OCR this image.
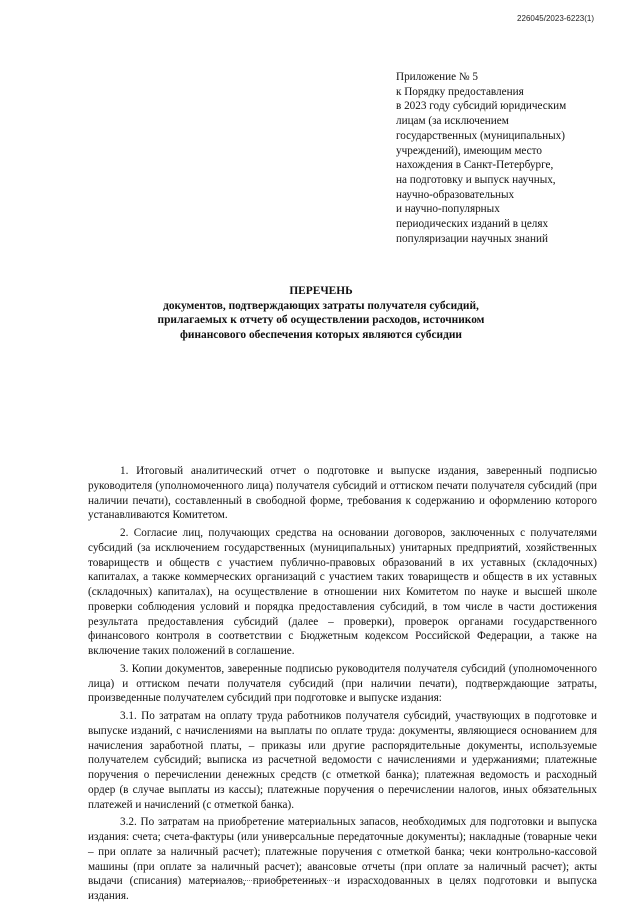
226045/2023-6223(1)
Приложение № 5
к Порядку предоставления
в 2023 году субсидий юридическим
лицам (за исключением
государственных (муниципальных)
учреждений), имеющим место
нахождения в Санкт-Петербурге,
на подготовку и выпуск научных,
научно-образовательных
и научно-популярных
периодических изданий в целях
популяризации научных знаний
ПЕРЕЧЕНЬ
документов, подтверждающих затраты получателя субсидий,
прилагаемых к отчету об осуществлении расходов, источником
финансового обеспечения которых являются субсидии

1. Итоговый аналитический отчет о подготовке и выпуске издания, заверенный подписью руководителя (уполномоченного лица) получателя субсидий и оттиском печати получателя субсидий (при наличии печати), составленный в свободной форме, требования к содержанию и оформлению которого устанавливаются Комитетом.

2. Согласие лиц, получающих средства на основании договоров, заключенных с получателями субсидий (за исключением государственных (муниципальных) унитарных предприятий, хозяйственных товариществ и обществ с участием публично-правовых образований в их уставных (складочных) капиталах, а также коммерческих организаций с участием таких товариществ и обществ в их уставных (складочных) капиталах), на осуществление в отношении них Комитетом по науке и высшей школе проверки соблюдения условий и порядка предоставления субсидий, в том числе в части достижения результата предоставления субсидий (далее – проверки), проверок органами государственного финансового контроля в соответствии с Бюджетным кодексом Российской Федерации, а также на включение таких положений в соглашение.

3. Копии документов, заверенные подписью руководителя получателя субсидий (уполномоченного лица) и оттиском печати получателя субсидий (при наличии печати), подтверждающие затраты, произведенные получателем субсидий при подготовке и выпуске издания:

3.1. По затратам на оплату труда работников получателя субсидий, участвующих в подготовке и выпуске изданий, с начислениями на выплаты по оплате труда: документы, являющиеся основанием для начисления заработной платы, – приказы или другие распорядительные документы, используемые получателем субсидий; выписка из расчетной ведомости с начислениями и удержаниями; платежные поручения о перечислении денежных средств (с отметкой банка); платежная ведомость и расходный ордер (в случае выплаты из кассы); платежные поручения о перечислении налогов, иных обязательных платежей и начислений (с отметкой банка).

3.2. По затратам на приобретение материальных запасов, необходимых для подготовки и выпуска издания: счета; счета-фактуры (или универсальные передаточные документы); накладные (товарные чеки – при оплате за наличный расчет); платежные поручения с отметкой банка; чеки контрольно-кассовой машины (при оплате за наличный расчет); авансовые отчеты (при оплате за наличный расчет); акты выдачи (списания) материалов, приобретенных и израсходованных в целях подготовки и выпуска издания.
